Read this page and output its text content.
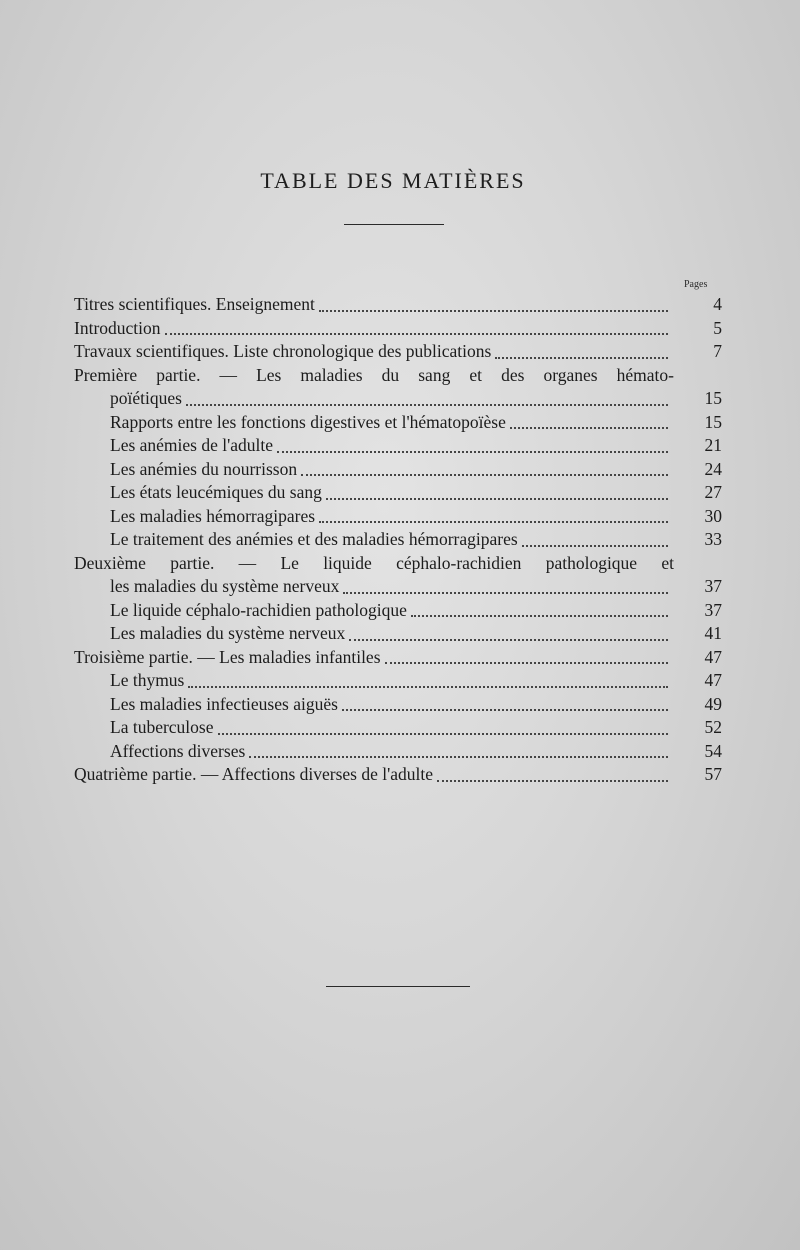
TABLE DES MATIÈRES
Pages
Titres scientifiques. Enseignement	4
Introduction	5
Travaux scientifiques. Liste chronologique des publications	7
Première partie. — Les maladies du sang et des organes hémato-
poïétiques	15
Rapports entre les fonctions digestives et l'hématopoïèse	15
Les anémies de l'adulte	21
Les anémies du nourrisson	24
Les états leucémiques du sang	27
Les maladies hémorragipares	30
Le traitement des anémies et des maladies hémorragipares	33
Deuxième partie. — Le liquide céphalo-rachidien pathologique et
les maladies du système nerveux	37
Le liquide céphalo-rachidien pathologique	37
Les maladies du système nerveux	41
Troisième partie. — Les maladies infantiles	47
Le thymus	47
Les maladies infectieuses aiguës	49
La tuberculose	52
Affections diverses	54
Quatrième partie. — Affections diverses de l'adulte	57
